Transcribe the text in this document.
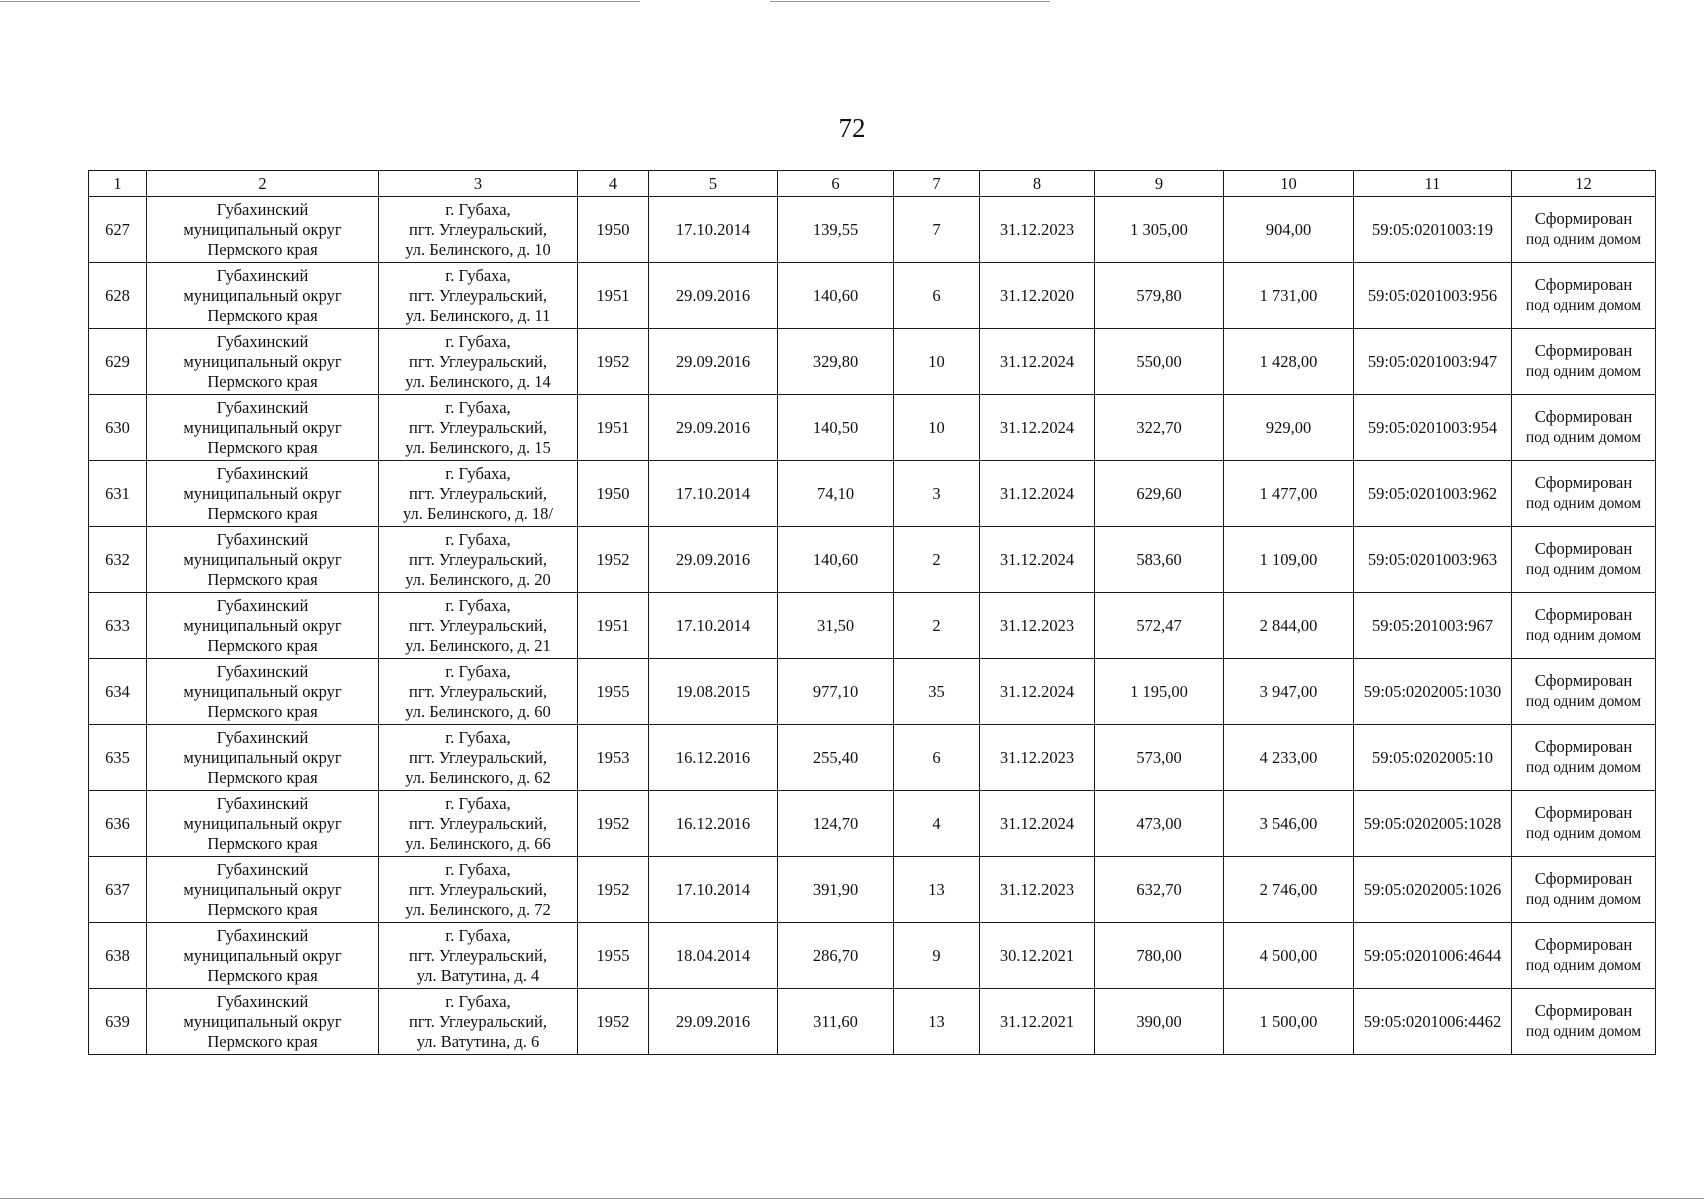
72
1	2	3	4	5	6	7	8	9	10	11	12
627	Губахинский
муниципальный округ
Пермского края	г. Губаха,
пгт. Углеуральский,
ул. Белинского, д. 10	1950	17.10.2014	139,55	7	31.12.2023	1 305,00	904,00	59:05:0201003:19	Сформирован
под одним домом
628	Губахинский
муниципальный округ
Пермского края	г. Губаха,
пгт. Углеуральский,
ул. Белинского, д. 11	1951	29.09.2016	140,60	6	31.12.2020	579,80	1 731,00	59:05:0201003:956	Сформирован
под одним домом
629	Губахинский
муниципальный округ
Пермского края	г. Губаха,
пгт. Углеуральский,
ул. Белинского, д. 14	1952	29.09.2016	329,80	10	31.12.2024	550,00	1 428,00	59:05:0201003:947	Сформирован
под одним домом
630	Губахинский
муниципальный округ
Пермского края	г. Губаха,
пгт. Углеуральский,
ул. Белинского, д. 15	1951	29.09.2016	140,50	10	31.12.2024	322,70	929,00	59:05:0201003:954	Сформирован
под одним домом
631	Губахинский
муниципальный округ
Пермского края	г. Губаха,
пгт. Углеуральский,
ул. Белинского, д. 18/	1950	17.10.2014	74,10	3	31.12.2024	629,60	1 477,00	59:05:0201003:962	Сформирован
под одним домом
632	Губахинский
муниципальный округ
Пермского края	г. Губаха,
пгт. Углеуральский,
ул. Белинского, д. 20	1952	29.09.2016	140,60	2	31.12.2024	583,60	1 109,00	59:05:0201003:963	Сформирован
под одним домом
633	Губахинский
муниципальный округ
Пермского края	г. Губаха,
пгт. Углеуральский,
ул. Белинского, д. 21	1951	17.10.2014	31,50	2	31.12.2023	572,47	2 844,00	59:05:201003:967	Сформирован
под одним домом
634	Губахинский
муниципальный округ
Пермского края	г. Губаха,
пгт. Углеуральский,
ул. Белинского, д. 60	1955	19.08.2015	977,10	35	31.12.2024	1 195,00	3 947,00	59:05:0202005:1030	Сформирован
под одним домом
635	Губахинский
муниципальный округ
Пермского края	г. Губаха,
пгт. Углеуральский,
ул. Белинского, д. 62	1953	16.12.2016	255,40	6	31.12.2023	573,00	4 233,00	59:05:0202005:10	Сформирован
под одним домом
636	Губахинский
муниципальный округ
Пермского края	г. Губаха,
пгт. Углеуральский,
ул. Белинского, д. 66	1952	16.12.2016	124,70	4	31.12.2024	473,00	3 546,00	59:05:0202005:1028	Сформирован
под одним домом
637	Губахинский
муниципальный округ
Пермского края	г. Губаха,
пгт. Углеуральский,
ул. Белинского, д. 72	1952	17.10.2014	391,90	13	31.12.2023	632,70	2 746,00	59:05:0202005:1026	Сформирован
под одним домом
638	Губахинский
муниципальный округ
Пермского края	г. Губаха,
пгт. Углеуральский,
ул. Ватутина, д. 4	1955	18.04.2014	286,70	9	30.12.2021	780,00	4 500,00	59:05:0201006:4644	Сформирован
под одним домом
639	Губахинский
муниципальный округ
Пермского края	г. Губаха,
пгт. Углеуральский,
ул. Ватутина, д. 6	1952	29.09.2016	311,60	13	31.12.2021	390,00	1 500,00	59:05:0201006:4462	Сформирован
под одним домом
